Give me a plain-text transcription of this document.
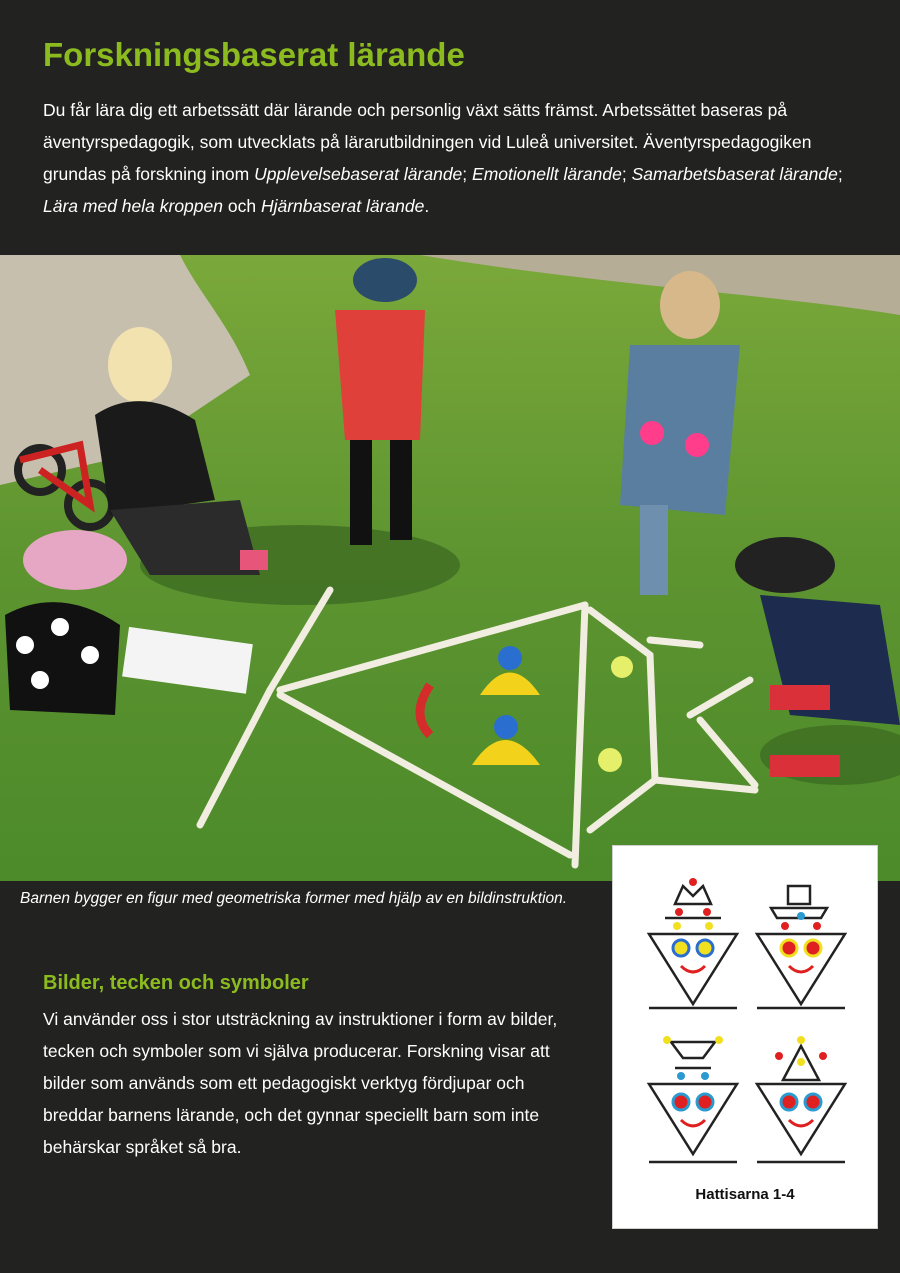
Forskningsbaserat lärande

Du får lära dig ett arbetssätt där lärande och personlig växt sätts främst. Arbetssättet baseras på äventyrspedagogik, som utvecklats på lärarutbildningen vid Luleå universitet. Äventyrspedagogiken grundas på forskning inom Upplevelsebaserat lärande; Emotionellt lärande; Samarbetsbaserat lärande; Lära med hela kroppen och Hjärnbaserat lärande.

Barnen bygger en figur med geometriska former med hjälp av en bildinstruktion.
Bilder, tecken och symboler

Vi använder oss i stor utsträckning av instruktioner i form av bilder, tecken och symboler som vi själva producerar. Forskning visar att bilder som används som ett pedagogiskt verktyg fördjupar och breddar barnens lärande, och det gynnar speciellt barn som inte behärskar språket så bra.

Hattisarna 1-4
